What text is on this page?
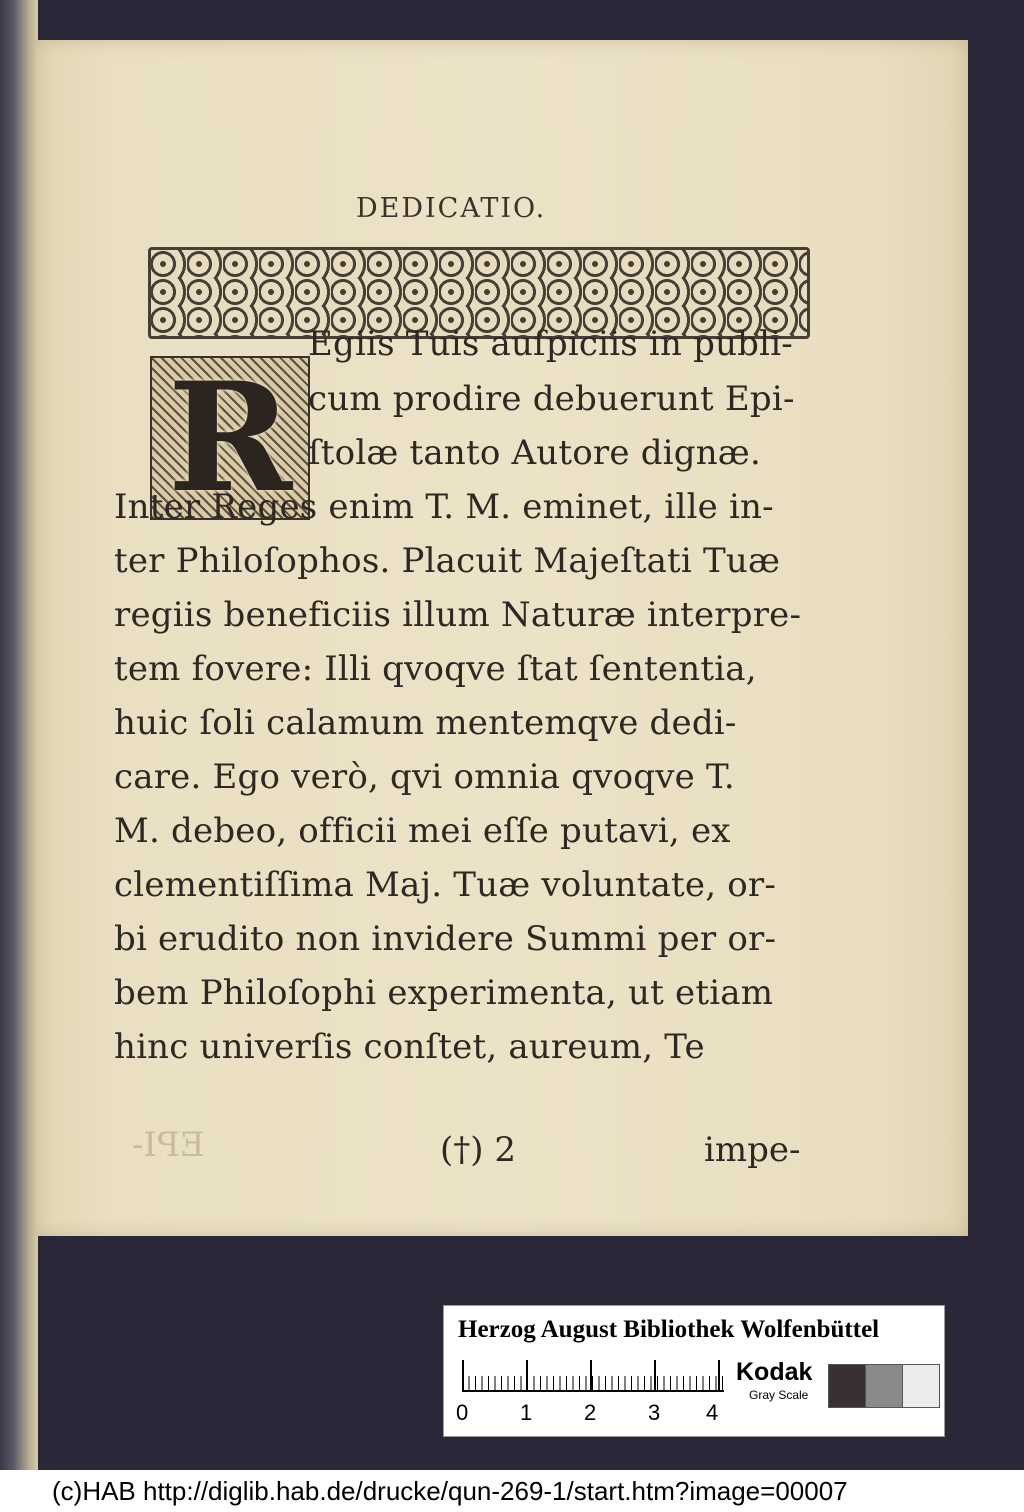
DEDICATIO.
R
Egiis Tuis auſpiciis in publi-
cum prodire debuerunt Epi-
ſtolæ tanto Autore dignæ.
Inter Reges enim T. M. eminet, ille in-
ter Philoſophos. Placuit Majeſtati Tuæ
regiis beneficiis illum Naturæ interpre-
tem fovere: Illi qvoqve ſtat ſententia,
huic ſoli calamum mentemqve dedi-
care. Ego verò, qvi omnia qvoqve T.
M. debeo, officii mei eſſe putavi, ex
clementiſſima Maj. Tuæ voluntate, or-
bi erudito non invidere Summi per or-
bem Philoſophi experimenta, ut etiam
hinc univerſis conſtet, aureum, Te
EPI-	(†) 2	impe-
Herzog August Bibliothek Wolfenbüttel
0 1 2 3 4
Kodak
Gray Scale
(c)HAB http://diglib.hab.de/drucke/qun-269-1/start.htm?image=00007
